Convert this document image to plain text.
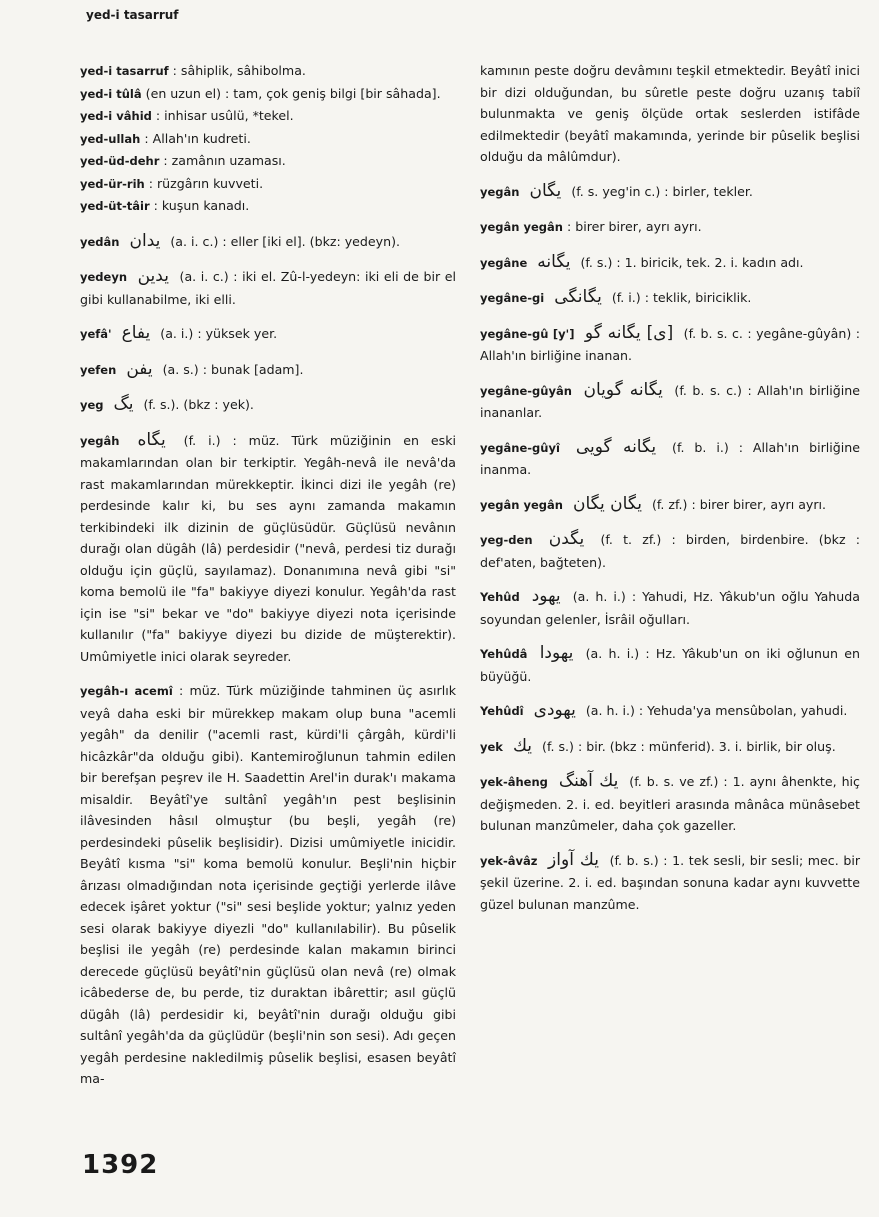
yed-i tasarruf

yed-i tasarruf : sâhiplik, sâhibolma.

yed-i tûlâ (en uzun el) : tam, çok geniş bilgi [bir sâhada].

yed-i vâhid : inhisar usûlü, *tekel.

yed-ullah : Allah'ın kudreti.

yed-üd-dehr : zamânın uzaması.

yed-ür-rih : rüzgârın kuvveti.

yed-üt-tâir : kuşun kanadı.

yedân يدان (a. i. c.) : eller [iki el]. (bkz: yedeyn).

yedeyn يدين (a. i. c.) : iki el. Zû-l-yedeyn: iki eli de bir el gibi kullanabilme, iki elli.

yefâ' يفاع (a. i.) : yüksek yer.

yefen يفن (a. s.) : bunak [adam].

yeg يگ (f. s.). (bkz : yek).

yegâh يگاه (f. i.) : müz. Türk müziğinin en eski makamlarından olan bir terkiptir. Yegâh-nevâ ile nevâ'da rast makamlarından mürekkeptir. İkinci dizi ile yegâh (re) perdesinde kalır ki, bu ses aynı zamanda makamın terkibindeki ilk dizinin de güçlüsüdür. Güçlüsü nevânın durağı olan dügâh (lâ) perdesidir ("nevâ, perdesi tiz durağı olduğu için güçlü, sayılamaz). Donanımına nevâ gibi "si" koma bemolü ile "fa" bakiyye diyezi konulur. Yegâh'da rast için ise "si" bekar ve "do" bakiyye diyezi nota içerisinde kullanılır ("fa" bakiyye diyezi bu dizide de müşterektir). Umûmiyetle inici olarak seyreder.

yegâh-ı acemî : müz. Türk müziğinde tahminen üç asırlık veyâ daha eski bir mürekkep makam olup buna "acemli yegâh" da denilir ("acemli rast, kürdi'li çârgâh, kürdi'li hicâzkâr"da olduğu gibi). Kantemiroğlunun tahmin edilen bir berefşan peşrev ile H. Saadettin Arel'in durak'ı makama misaldir. Beyâtî'ye sultânî yegâh'ın pest beşlisinin ilâvesinden hâsıl olmuştur (bu beşli, yegâh (re) perdesindeki pûselik beşlisidir). Dizisi umûmiyetle inicidir. Beyâtî kısma "si" koma bemolü konulur. Beşli'nin hiçbir ârızası olmadığından nota içerisinde geçtiği yerlerde ilâve edecek işâret yoktur ("si" sesi beşlide yoktur; yalnız yeden sesi olarak bakiyye diyezli "do" kullanılabilir). Bu pûselik beşlisi ile yegâh (re) perdesinde kalan makamın birinci derecede güçlüsü beyâtî'nin güçlüsü olan nevâ (re) olmak icâbederse de, bu perde, tiz duraktan ibârettir; asıl güçlü dügâh (lâ) perdesidir ki, beyâtî'nin durağı olduğu gibi sultânî yegâh'da da güçlüdür (beşli'nin son sesi). Adı geçen yegâh perdesine nakledilmiş pûselik beşlisi, esasen beyâtî ma-

kamının peste doğru devâmını teşkil etmektedir. Beyâtî inici bir dizi olduğundan, bu sûretle peste doğru uzanış tabiî bulunmakta ve geniş ölçüde ortak seslerden istifâde edilmektedir (beyâtî makamında, yerinde bir pûselik beşlisi olduğu da mâlûmdur).

yegân يگان (f. s. yeg'in c.) : birler, tekler.

yegân yegân : birer birer, ayrı ayrı.

yegâne يگانه (f. s.) : 1. biricik, tek. 2. i. kadın adı.

yegâne-gi يگانگى (f. i.) : teklik, biriciklik.

yegâne-gû [y'] [ى] يگانه گو (f. b. s. c. : yegâne-gûyân) : Allah'ın birliğine inanan.

yegâne-gûyân يگانه گويان (f. b. s. c.) : Allah'ın birliğine inananlar.

yegâne-gûyî يگانه گويى (f. b. i.) : Allah'ın birliğine inanma.

yegân yegân يگان يگان (f. zf.) : birer birer, ayrı ayrı.

yeg-den يگدن (f. t. zf.) : birden, birdenbire. (bkz : def'aten, bağteten).

Yehûd يهود (a. h. i.) : Yahudi, Hz. Yâkub'un oğlu Yahuda soyundan gelenler, İsrâil oğulları.

Yehûdâ يهودا (a. h. i.) : Hz. Yâkub'un on iki oğlunun en büyüğü.

Yehûdî يهودى (a. h. i.) : Yehuda'ya mensûbolan, yahudi.

yek يك (f. s.) : bir. (bkz : münferid). 3. i. birlik, bir oluş.

yek-âheng يك آهنگ (f. b. s. ve zf.) : 1. aynı âhenkte, hiç değişmeden. 2. i. ed. beyitleri arasında mânâca münâsebet bulunan manzûmeler, daha çok gazeller.

yek-âvâz يك آواز (f. b. s.) : 1. tek sesli, bir sesli; mec. bir şekil üzerine. 2. i. ed. başından sonuna kadar aynı kuvvette güzel bulunan manzûme.

1392
